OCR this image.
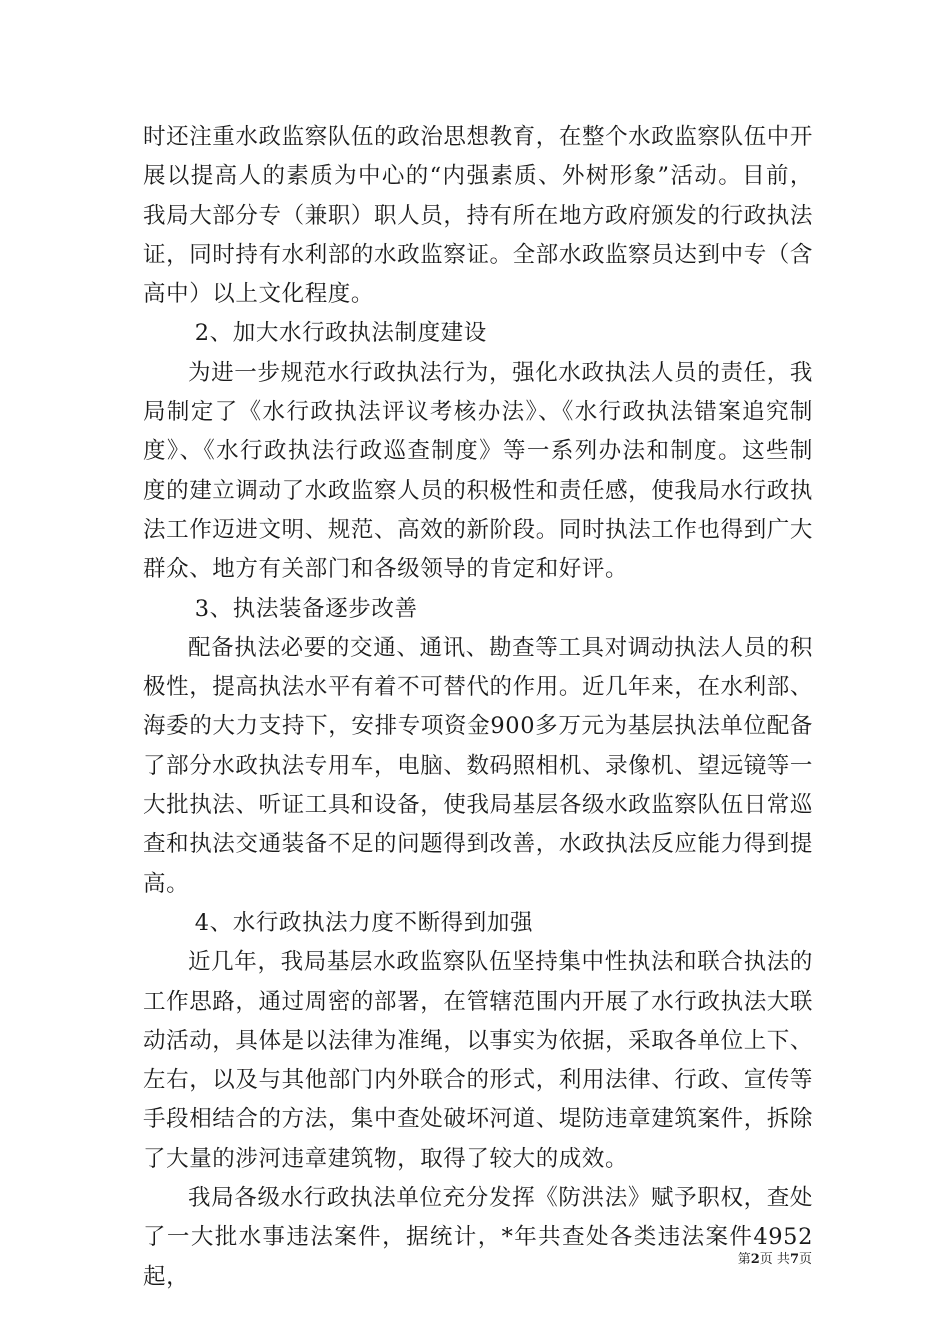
时还注重水政监察队伍的政治思想教育，在整个水政监察队伍中开展以提高人的素质为中心的“内强素质、外树形象”活动。目前，我局大部分专（兼职）职人员，持有所在地方政府颁发的行政执法证，同时持有水利部的水政监察证。全部水政监察员达到中专（含高中）以上文化程度。

2、加大水行政执法制度建设

为进一步规范水行政执法行为，强化水政执法人员的责任，我局制定了《水行政执法评议考核办法》、《水行政执法错案追究制度》、《水行政执法行政巡查制度》等一系列办法和制度。这些制度的建立调动了水政监察人员的积极性和责任感，使我局水行政执法工作迈进文明、规范、高效的新阶段。同时执法工作也得到广大群众、地方有关部门和各级领导的肯定和好评。

3、执法装备逐步改善

配备执法必要的交通、通讯、勘查等工具对调动执法人员的积极性，提高执法水平有着不可替代的作用。近几年来，在水利部、海委的大力支持下，安排专项资金900多万元为基层执法单位配备了部分水政执法专用车，电脑、数码照相机、录像机、望远镜等一大批执法、听证工具和设备，使我局基层各级水政监察队伍日常巡查和执法交通装备不足的问题得到改善，水政执法反应能力得到提高。

4、水行政执法力度不断得到加强

近几年，我局基层水政监察队伍坚持集中性执法和联合执法的工作思路，通过周密的部署，在管辖范围内开展了水行政执法大联动活动，具体是以法律为准绳，以事实为依据，采取各单位上下、左右，以及与其他部门内外联合的形式，利用法律、行政、宣传等手段相结合的方法，集中查处破坏河道、堤防违章建筑案件，拆除了大量的涉河违章建筑物，取得了较大的成效。

我局各级水行政执法单位充分发挥《防洪法》赋予职权，查处了一大批水事违法案件，据统计，*年共查处各类违法案件4952起，

第2页 共7页
